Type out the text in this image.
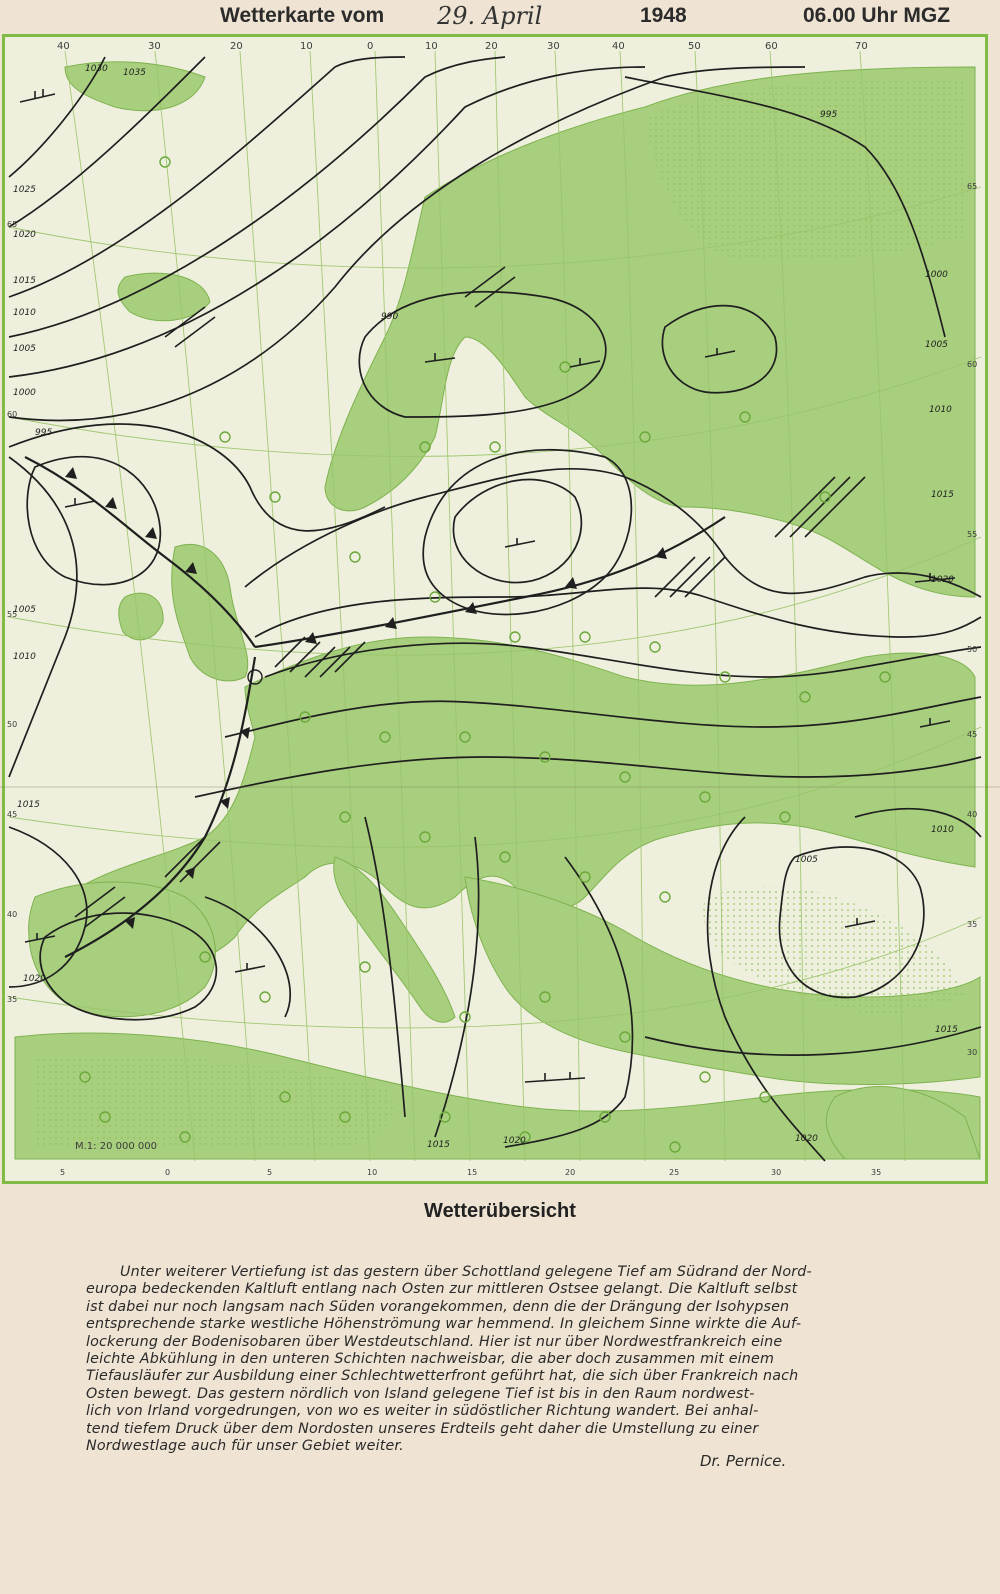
Wetterkarte vom 29. April	1948	06.00 Uhr MGZ
40	30	20	10	0	10	20	30	40	50	60	70
5	0	5	10	15	20	25	30	35
65
60
55
50
45
40
35
30
65
60
55
50
45
40
35
1030 1035
1025
1020
1015
1010
1005
1000
995
990
1005
1010
1015
1020
995
1000
1005
1010
1015
1020
1015	1020
1005
1010
1015
1020
M.1: 20 000 000
Wetterübersicht
Unter weiterer Vertiefung ist das gestern über Schottland gelegene Tief am Südrand der Nord-
europa bedeckenden Kaltluft entlang nach Osten zur mittleren Ostsee gelangt. Die Kaltluft selbst
ist dabei nur noch langsam nach Süden vorangekommen, denn die der Drängung der Isohypsen
entsprechende starke westliche Höhenströmung war hemmend. In gleichem Sinne wirkte die Auf-
lockerung der Bodenisobaren über Westdeutschland. Hier ist nur über Nordwestfrankreich eine
leichte Abkühlung in den unteren Schichten nachweisbar, die aber doch zusammen mit einem
Tiefausläufer zur Ausbildung einer Schlechtwetterfront geführt hat, die sich über Frankreich nach
Osten bewegt. Das gestern nördlich von Island gelegene Tief ist bis in den Raum nordwest-
lich von Irland vorgedrungen, von wo es weiter in südöstlicher Richtung wandert. Bei anhal-
tend tiefem Druck über dem Nordosten unseres Erdteils geht daher die Umstellung zu einer
Nordwestlage auch für unser Gebiet weiter.
Dr. Pernice.
